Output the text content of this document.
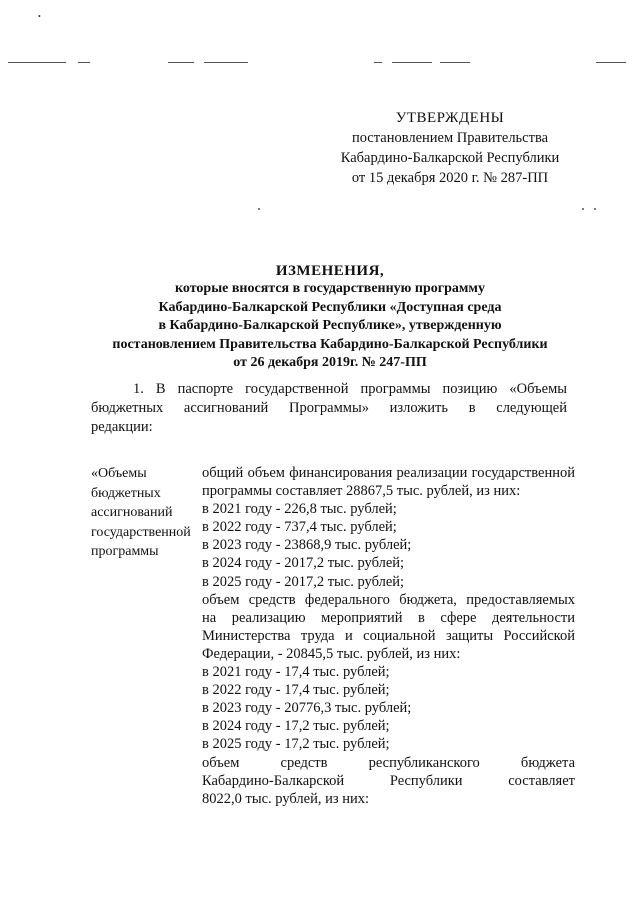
•
УТВЕРЖДЕНЫ
постановлением Правительства
Кабардино-Балкарской Республики
от 15 декабря 2020 г. № 287-ПП
ИЗМЕНЕНИЯ,
которые вносятся в государственную программу
Кабардино-Балкарской Республики «Доступная среда
в Кабардино-Балкарской Республике», утвержденную
постановлением Правительства Кабардино-Балкарской Республики
от 26 декабря 2019г. № 247-ПП
1. В паспорте государственной программы позицию «Объемы
бюджетных ассигнований Программы» изложить в следующей
редакции:
«Объемы
бюджетных
ассигнований
государственной
программы
общий объем финансирования реализации государственной
программы составляет 28867,5 тыс. рублей, из них:
в 2021 году - 226,8 тыс. рублей;
в 2022 году - 737,4 тыс. рублей;
в 2023 году - 23868,9 тыс. рублей;
в 2024 году - 2017,2 тыс. рублей;
в 2025 году - 2017,2 тыс. рублей;
объем средств федерального бюджета, предоставляемых
на реализацию мероприятий в сфере деятельности
Министерства труда и социальной защиты Российской
Федерации, - 20845,5 тыс. рублей, из них:
в 2021 году - 17,4 тыс. рублей;
в 2022 году - 17,4 тыс. рублей;
в 2023 году - 20776,3 тыс. рублей;
в 2024 году - 17,2 тыс. рублей;
в 2025 году - 17,2 тыс. рублей;
объем средств республиканского бюджета
Кабардино-Балкарской Республики составляет
8022,0 тыс. рублей, из них:
